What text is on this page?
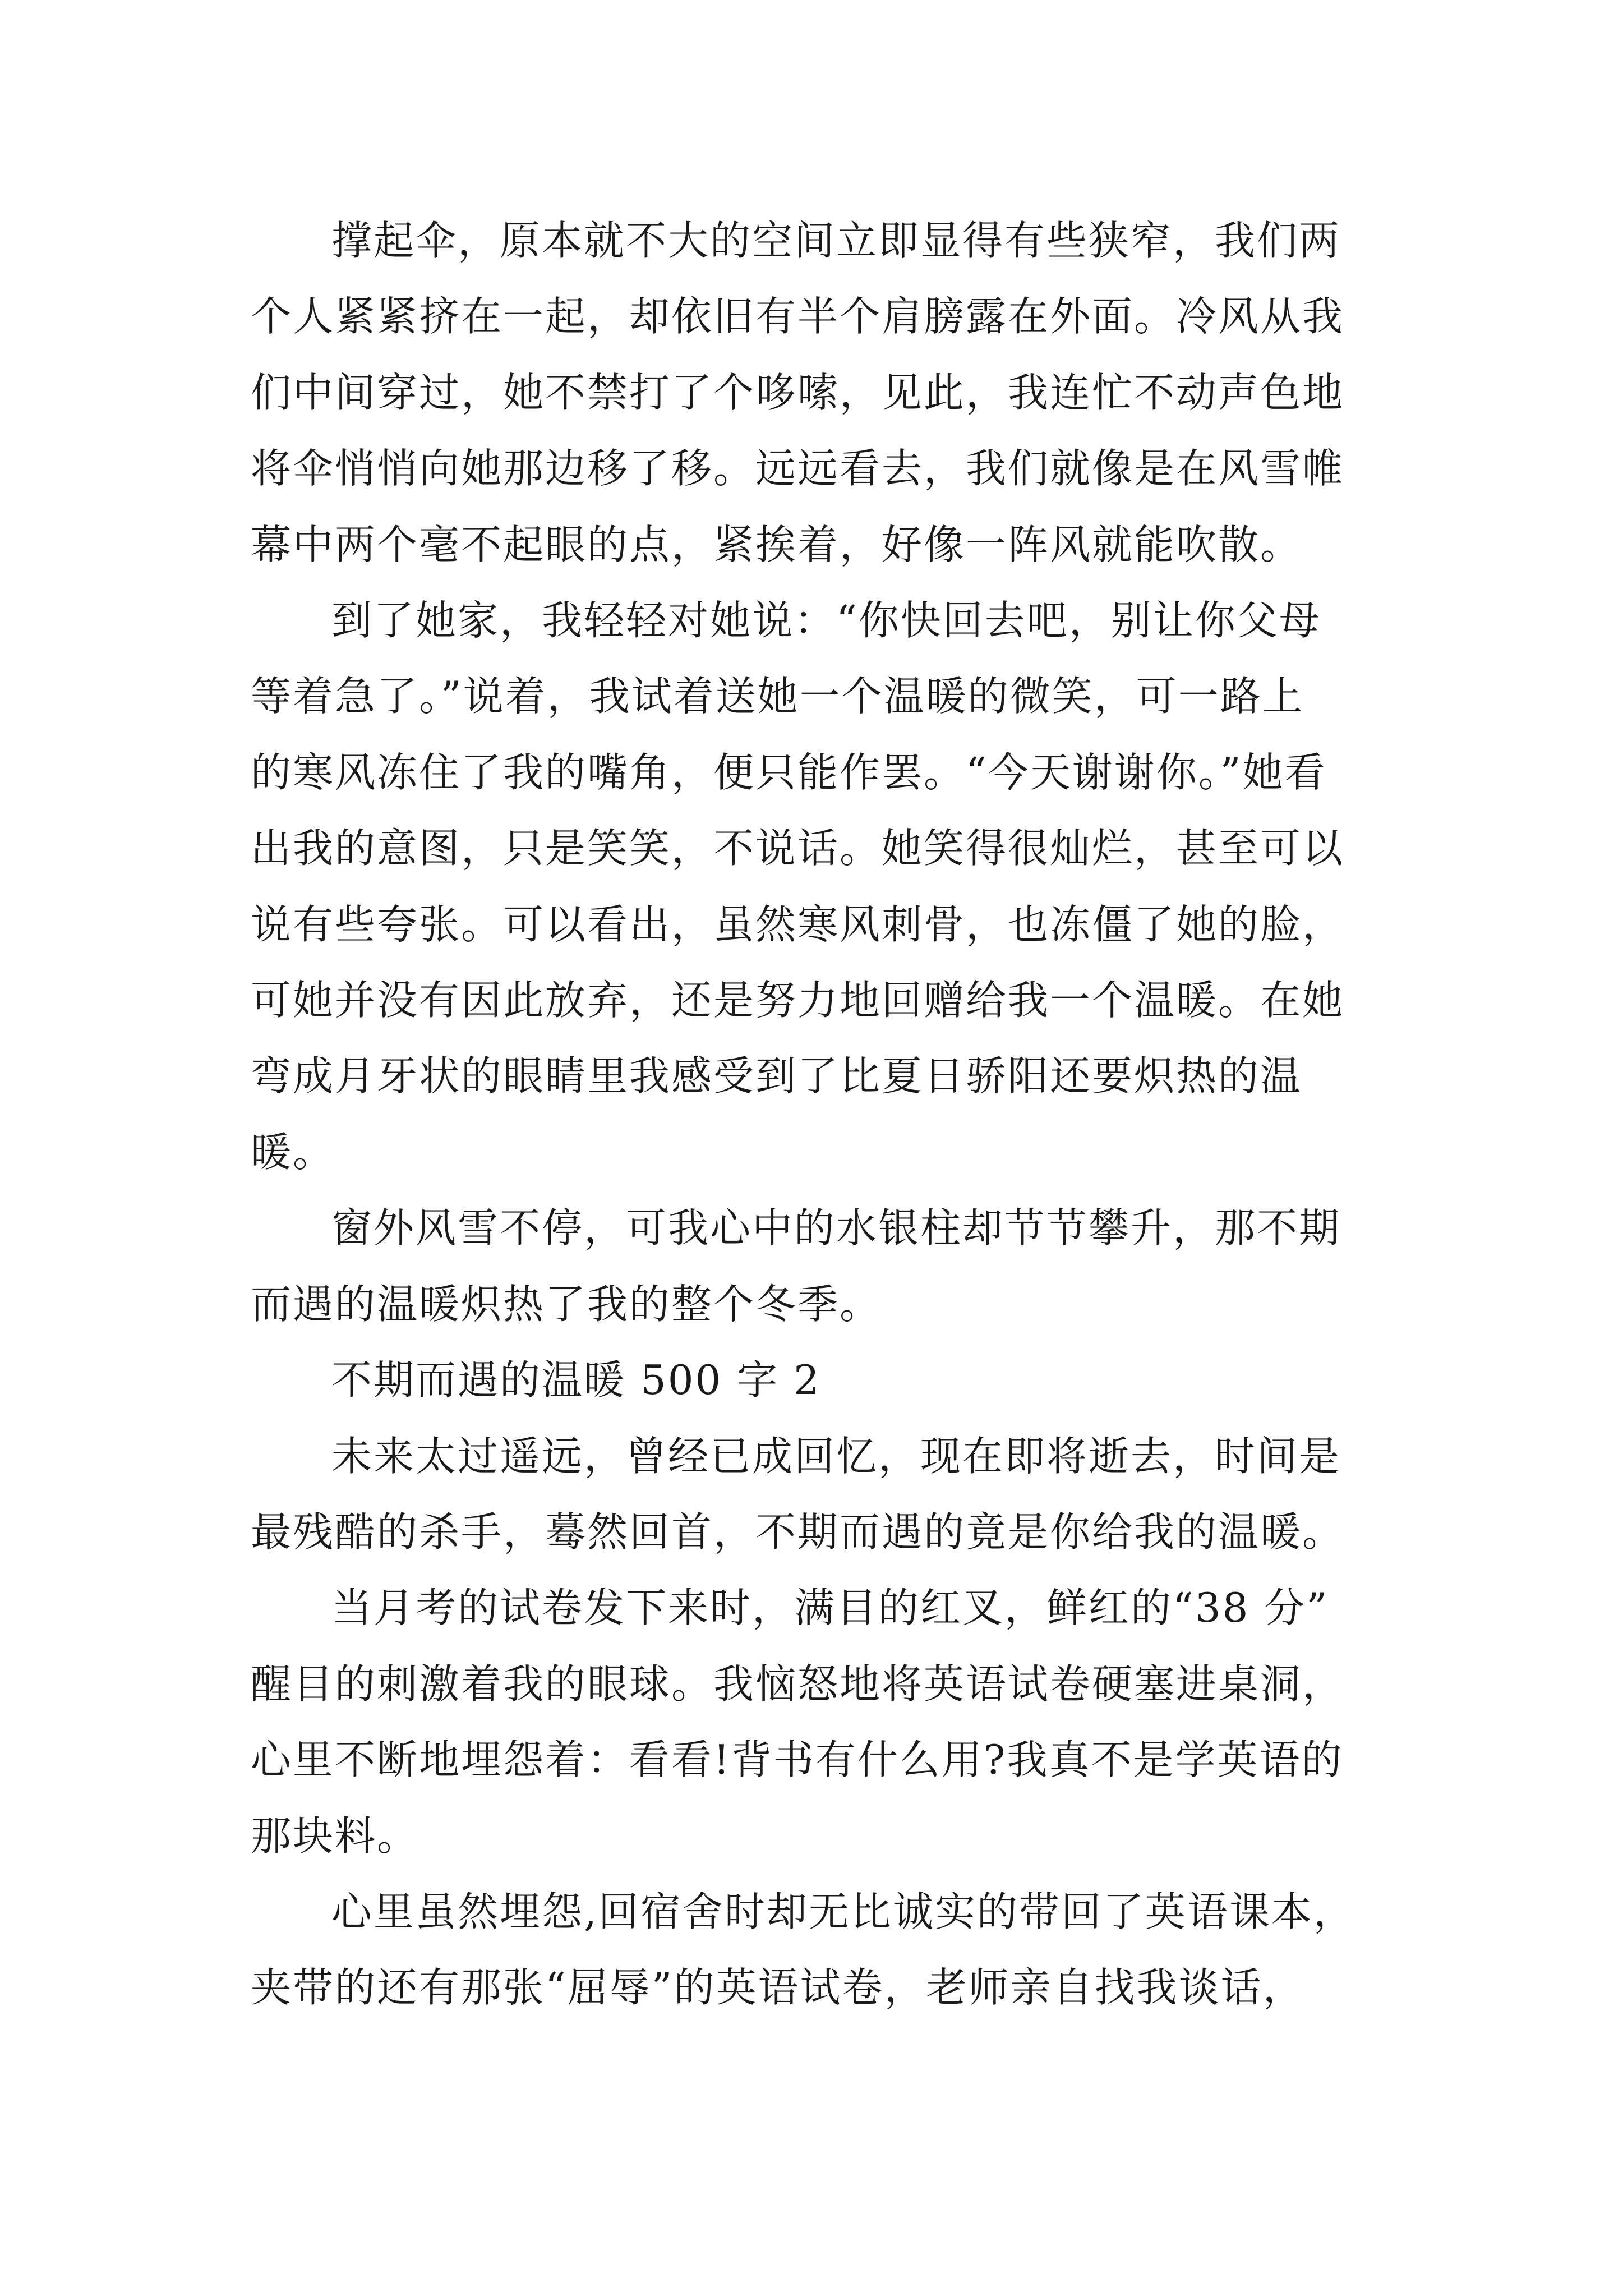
撑起伞，原本就不大的空间立即显得有些狭窄，我们两
个人紧紧挤在一起，却依旧有半个肩膀露在外面。冷风从我
们中间穿过，她不禁打了个哆嗦，见此，我连忙不动声色地
将伞悄悄向她那边移了移。远远看去，我们就像是在风雪帷
幕中两个毫不起眼的点，紧挨着，好像一阵风就能吹散。
到了她家，我轻轻对她说：“你快回去吧，别让你父母
等着急了。”说着，我试着送她一个温暖的微笑，可一路上
的寒风冻住了我的嘴角，便只能作罢。“今天谢谢你。”她看
出我的意图，只是笑笑，不说话。她笑得很灿烂，甚至可以
说有些夸张。可以看出，虽然寒风刺骨，也冻僵了她的脸，
可她并没有因此放弃，还是努力地回赠给我一个温暖。在她
弯成月牙状的眼睛里我感受到了比夏日骄阳还要炽热的温
暖。
窗外风雪不停，可我心中的水银柱却节节攀升，那不期
而遇的温暖炽热了我的整个冬季。
不期而遇的温暖 500 字 2
未来太过遥远，曾经已成回忆，现在即将逝去，时间是
最残酷的杀手，蓦然回首，不期而遇的竟是你给我的温暖。
当月考的试卷发下来时，满目的红叉，鲜红的“38 分”
醒目的刺激着我的眼球。我恼怒地将英语试卷硬塞进桌洞，
心里不断地埋怨着：看看!背书有什么用?我真不是学英语的
那块料。
心里虽然埋怨,回宿舍时却无比诚实的带回了英语课本，
夹带的还有那张“屈辱”的英语试卷，老师亲自找我谈话，
